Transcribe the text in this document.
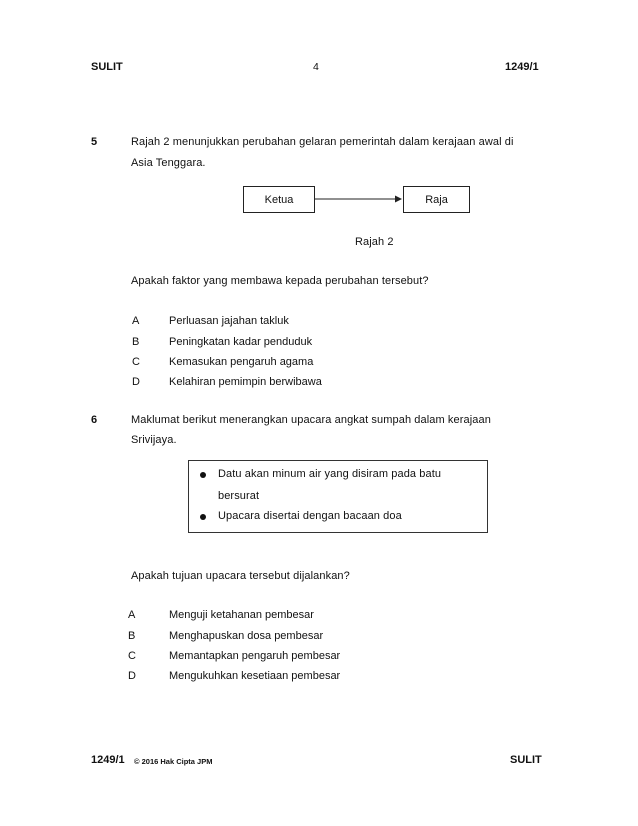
SULIT	4	1249/1
5	Rajah 2 menunjukkan perubahan gelaran pemerintah dalam kerajaan awal di
Asia Tenggara.
Ketua	Raja
Rajah 2
Apakah faktor yang membawa kepada perubahan tersebut?
A	Perluasan jajahan takluk
B	Peningkatan kadar penduduk
C	Kemasukan pengaruh agama
D	Kelahiran pemimpin berwibawa
6	Maklumat berikut menerangkan upacara angkat sumpah dalam kerajaan
Srivijaya.
Datu akan minum air yang disiram pada batu
bersurat
Upacara disertai dengan bacaan doa
Apakah tujuan upacara tersebut dijalankan?
A	Menguji ketahanan pembesar
B	Menghapuskan dosa pembesar
C	Memantapkan pengaruh pembesar
D	Mengukuhkan kesetiaan pembesar
1249/1 © 2016 Hak Cipta JPM	SULIT
